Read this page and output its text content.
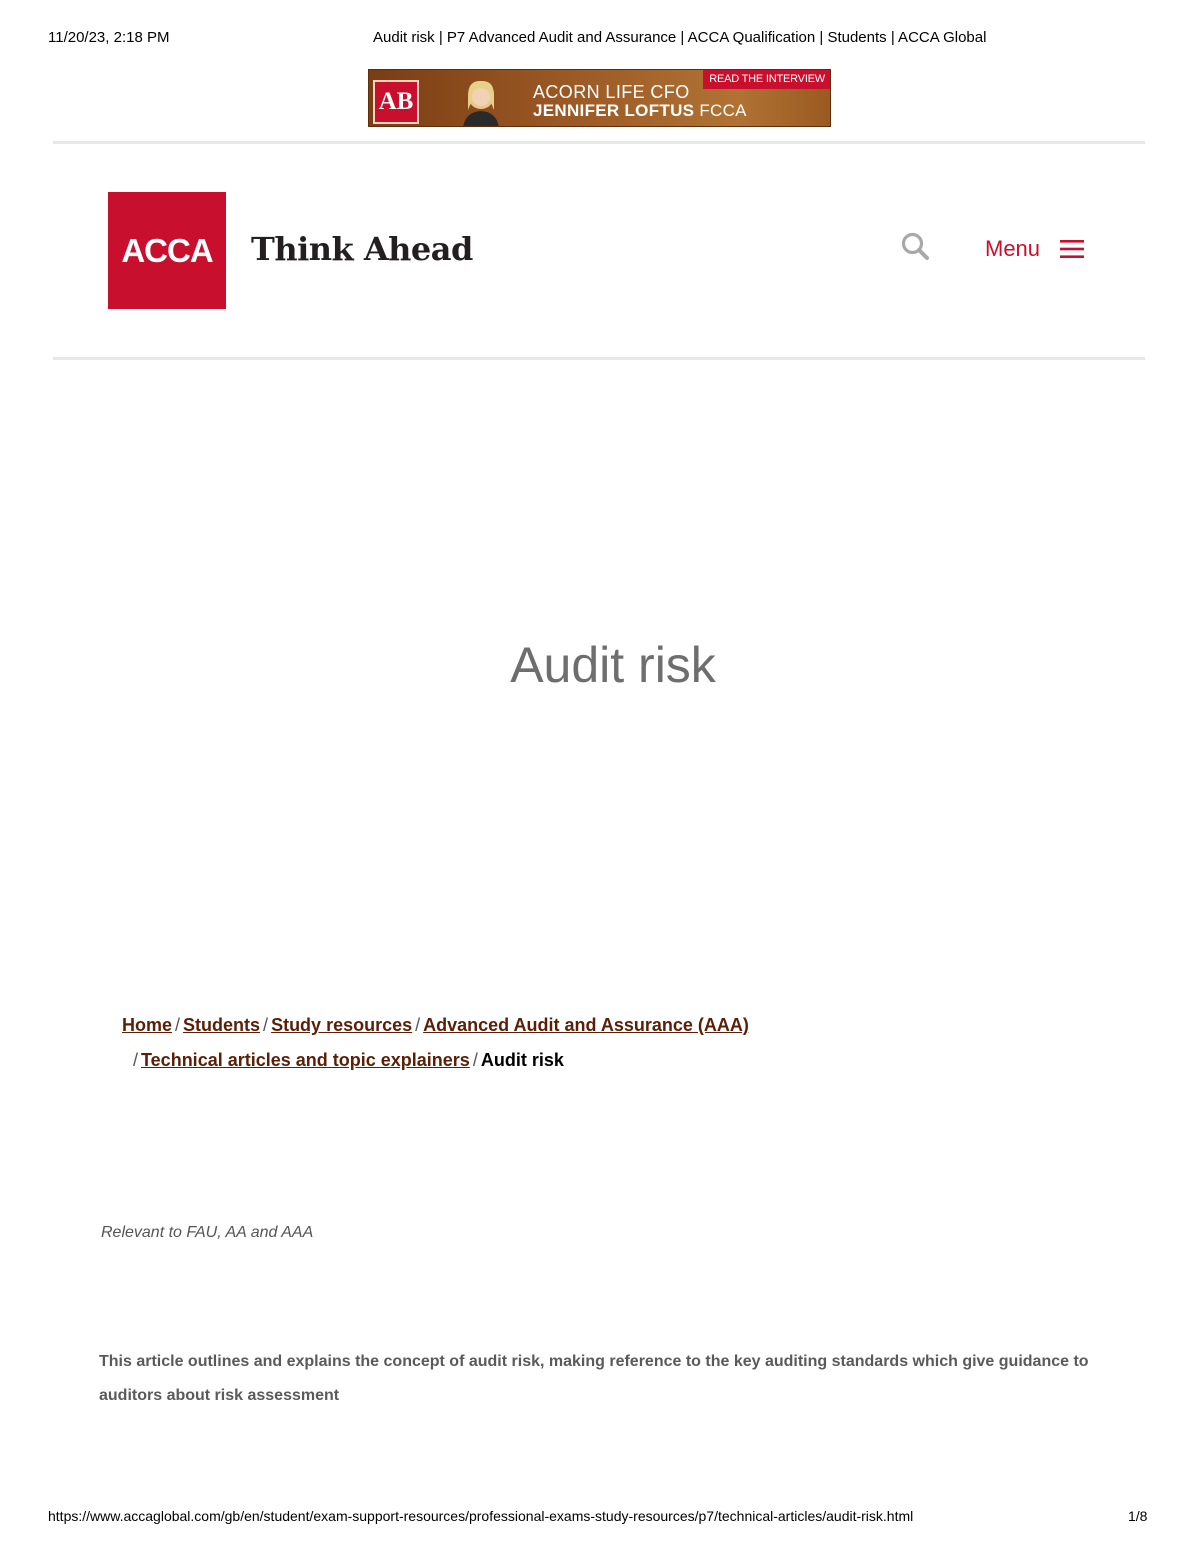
11/20/23, 2:18 PM	Audit risk | P7 Advanced Audit and Assurance | ACCA Qualification | Students | ACCA Global
AB	ACORN LIFE CFO
JENNIFER LOFTUS FCCA
READ THE INTERVIEW
ACCA	Think Ahead	Menu
Audit risk
Home / Students / Study resources / Advanced Audit and Assurance (AAA)
/ Technical articles and topic explainers / Audit risk
Relevant to FAU, AA and AAA

This article outlines and explains the concept of audit risk, making reference to the key auditing standards which give guidance to auditors about risk assessment

https://www.accaglobal.com/gb/en/student/exam-support-resources/professional-exams-study-resources/p7/technical-articles/audit-risk.html	1/8
